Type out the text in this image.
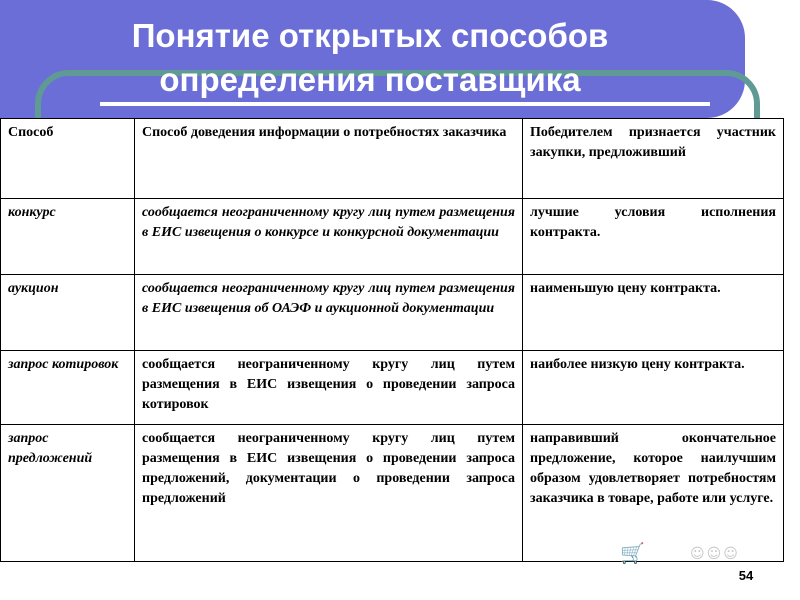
Понятие открытых способов
определения поставщика
Способ	Способ доведения информации о потребностях заказчика	Победителем признается участник закупки, предложивший
конкурс	сообщается неограниченному кругу лиц путем размещения в ЕИС извещения о конкурсе и конкурсной документации	лучшие условия исполнения контракта.
аукцион	сообщается неограниченному кругу лиц путем размещения в ЕИС извещения об ОАЭФ и аукционной документации	наименьшую цену контракта.
запрос котировок	сообщается неограниченному кругу лиц путем размещения в ЕИС извещения о проведении запроса котировок	наиболее низкую цену контракта.
запрос предложений	сообщается неограниченному кругу лиц путем размещения в ЕИС извещения о проведении запроса предложений, документации о проведении запроса предложений	направивший окончательное предложение, которое наилучшим образом удовлетворяет потребностям заказчика в товаре, работе или услуге.
🛒	☺☺☺
54
